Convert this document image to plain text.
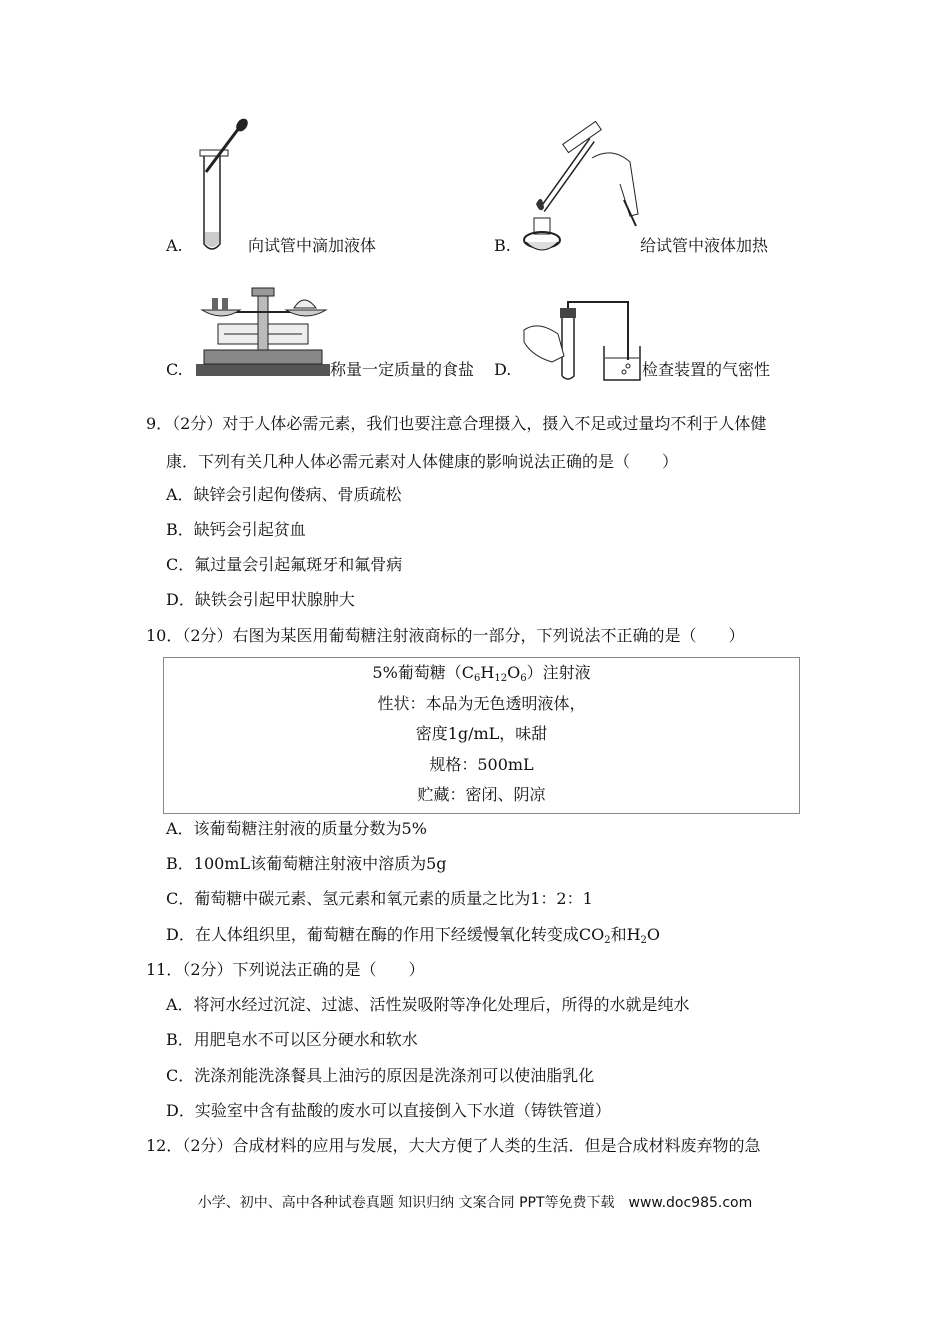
A.	向试管中滴加液体	B.	给试管中液体加热
C.	称量一定质量的食盐 D.	检查装置的气密性
9．（2分）对于人体必需元素，我们也要注意合理摄入，摄入不足或过量均不利于人体健
康．下列有关几种人体必需元素对人体健康的影响说法正确的是（　　）
A．缺锌会引起佝偻病、骨质疏松
B．缺钙会引起贫血
C．氟过量会引起氟斑牙和氟骨病
D．缺铁会引起甲状腺肿大
10．（2分）右图为某医用葡萄糖注射液商标的一部分，下列说法不正确的是（　　）
5%葡萄糖$(C_6H_{12}O_6)$注射液
性状：本品为无色透明液体，
密度1g/mL，味甜
规格：500mL
贮藏：密闭、阴凉
A．该葡萄糖注射液的质量分数为5%
B．100mL该葡萄糖注射液中溶质为5g
C．葡萄糖中碳元素、氢元素和氧元素的质量之比为1：2：1
D．在人体组织里，葡萄糖在酶的作用下经缓慢氧化转变成$CO_2$和$H_2O$
11．（2分）下列说法正确的是（　　）
A．将河水经过沉淀、过滤、活性炭吸附等净化处理后，所得的水就是纯水
B．用肥皂水不可以区分硬水和软水
C．洗涤剂能洗涤餐具上油污的原因是洗涤剂可以使油脂乳化
D．实验室中含有盐酸的废水可以直接倒入下水道（铸铁管道）
12．（2分）合成材料的应用与发展，大大方便了人类的生活．但是合成材料废弃物的急
小学、初中、高中各种试卷真题 知识归纳 文案合同 PPT等免费下载　www.doc985.com
